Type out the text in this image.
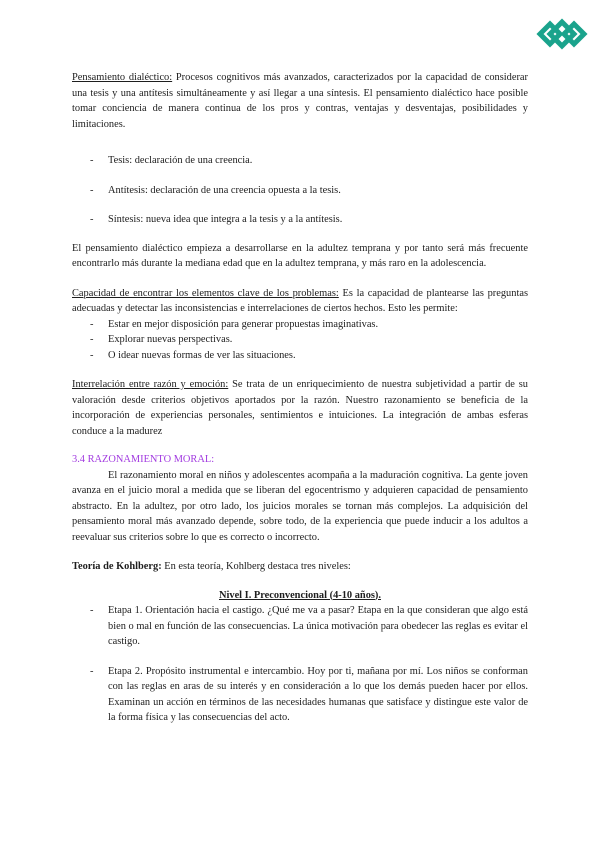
Pensamiento dialéctico: Procesos cognitivos más avanzados, caracterizados por la capacidad de considerar una tesis y una antítesis simultáneamente y así llegar a una síntesis. El pensamiento dialéctico hace posible tomar conciencia de manera continua de los pros y contras, ventajas y desventajas, posibilidades y limitaciones.

- Tesis: declaración de una creencia.
- Antítesis: declaración de una creencia opuesta a la tesis.
- Síntesis: nueva idea que integra a la tesis y a la antítesis.

El pensamiento dialéctico empieza a desarrollarse en la adultez temprana y por tanto será más frecuente encontrarlo más durante la mediana edad que en la adultez temprana, y más raro en la adolescencia.

Capacidad de encontrar los elementos clave de los problemas: Es la capacidad de plantearse las preguntas adecuadas y detectar las inconsistencias e interrelaciones de ciertos hechos. Esto les permite:

- Estar en mejor disposición para generar propuestas imaginativas.
- Explorar nuevas perspectivas.
- O idear nuevas formas de ver las situaciones.

Interrelación entre razón y emoción: Se trata de un enriquecimiento de nuestra subjetividad a partir de su valoración desde criterios objetivos aportados por la razón. Nuestro razonamiento se beneficia de la incorporación de experiencias personales, sentimientos e intuiciones. La integración de ambas esferas conduce a la madurez

3.4 RAZONAMIENTO MORAL:

El razonamiento moral en niños y adolescentes acompaña a la maduración cognitiva. La gente joven avanza en el juicio moral a medida que se liberan del egocentrismo y adquieren capacidad de pensamiento abstracto. En la adultez, por otro lado, los juicios morales se tornan más complejos. La adquisición del pensamiento moral más avanzado depende, sobre todo, de la experiencia que puede inducir a los adultos a reevaluar sus criterios sobre lo que es correcto o incorrecto.

Teoría de Kohlberg: En esta teoría, Kohlberg destaca tres niveles:

Nivel I. Preconvencional (4-10 años).

- Etapa 1. Orientación hacia el castigo. ¿Qué me va a pasar? Etapa en la que consideran que algo está bien o mal en función de las consecuencias. La única motivación para obedecer las reglas es evitar el castigo.
- Etapa 2. Propósito instrumental e intercambio. Hoy por ti, mañana por mí. Los niños se conforman con las reglas en aras de su interés y en consideración a lo que los demás pueden hacer por ellos. Examinan un acción en términos de las necesidades humanas que satisface y distingue este valor de la forma física y las consecuencias del acto.
